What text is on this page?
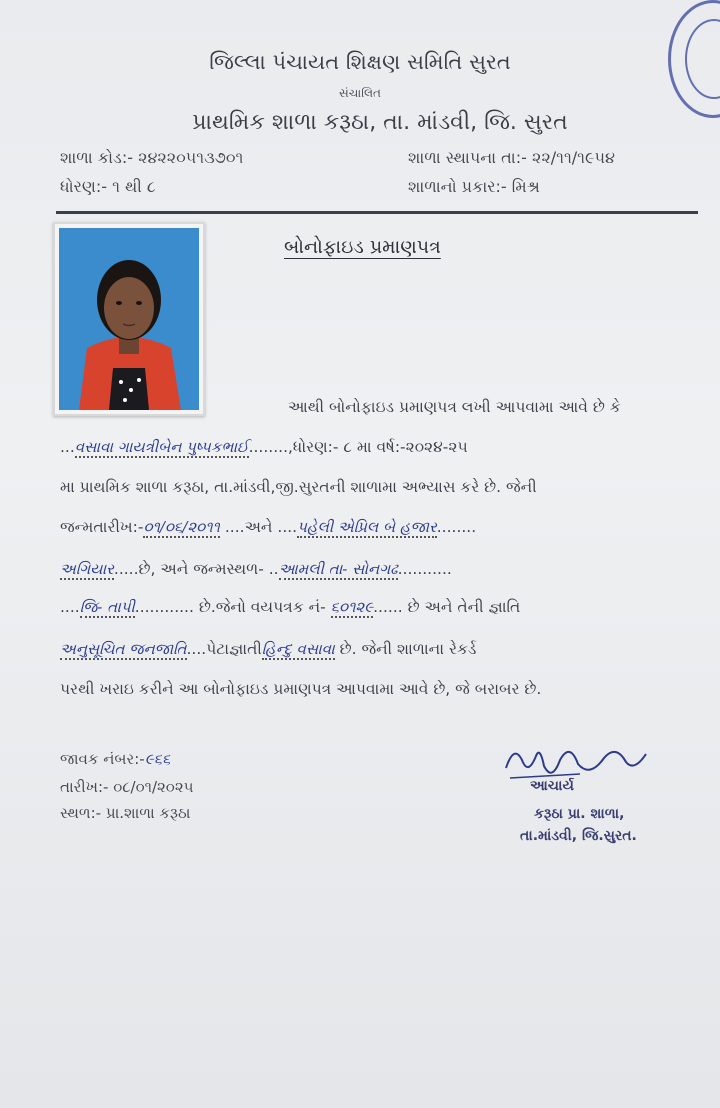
જિલ્લા પંચાયત શિક્ષણ સમિતિ સુરત
સંચાલિત
પ્રાથમિક શાળા કરૂઠા, તા. માંડવી, જિ. સુરત
શાળા કોડ:- ૨૪૨૨૦૫૧૩૭૦૧	શાળા સ્થાપના તા:- ૨૨/૧૧/૧૯૫૪
ધોરણ:- ૧ થી ૮	શાળાનો પ્રકાર:- મિશ્ર
બોનોફાઇડ પ્રમાણપત્ર
આથી બોનોફાઇડ પ્રમાણપત્ર લખી આપવામા આવે છે કે
...વસાવા ગાયત્રીબેન પુષ્પકભાઈ........,ધોરણ:- ૮ મા વર્ષ:-૨૦૨૪-૨૫
મા પ્રાથમિક શાળા કરૂઠા, તા.માંડવી,જી.સુરતની શાળામા અભ્યાસ કરે છે. જેની
જન્મતારીખ:-૦૧/૦૬/૨૦૧૧ ....અને ....પહેલી એપ્રિલ બે હજાર........
અગિયાર.....છે, અને જન્મસ્થળ- ..આમલી તા- સોનગઢ...........
....જિ- તાપી............ છે.જેનો વયપત્રક નં- ૬૦૧૨૯...... છે અને તેની જ્ઞાતિ
અનુસૂચિત જનજાતિ....પેટાજ્ઞાતીહિન્દુ વસાવા છે. જેની શાળાના રેકર્ડ
પરથી ખરાઇ કરીને આ બોનોફાઇડ પ્રમાણપત્ર આપવામા આવે છે, જે બરાબર છે.
જાવક નંબર:-૯૬૬
તારીખ:- ૦૮/૦૧/૨૦૨૫
સ્થળ:- પ્રા.શાળા કરૂઠા
આચાર્ય
કરૂઠા પ્રા. શાળા,
તા.માંડવી, જિ.સુરત.
